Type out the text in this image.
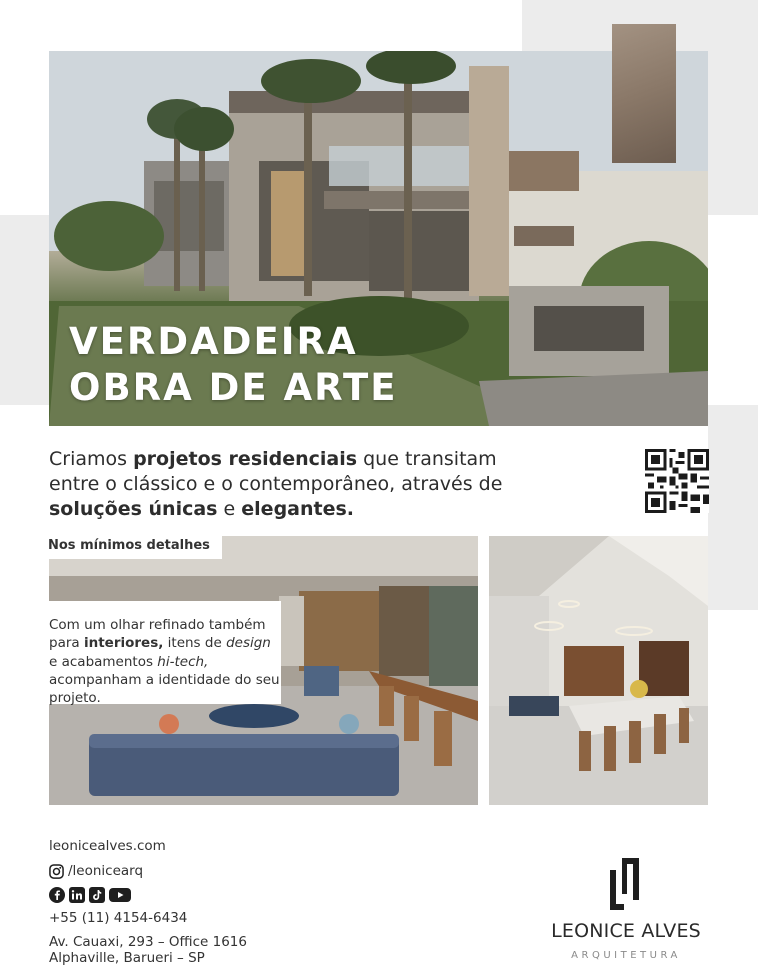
VERDADEIRA
OBRA DE ARTE

Criamos projetos residenciais que transitam entre o clássico e o contemporâneo, através de soluções únicas e elegantes.

Nos mínimos detalhes

Com um olhar refinado também para interiores, itens de design e acabamentos hi-tech, acompanham a identidade do seu projeto.

leonicealves.com
/leonicearq
+55 (11) 4154-6434
Av. Cauaxi, 293 – Office 1616
Alphaville, Barueri – SP
LEONICE ALVES
ARQUITETURA
